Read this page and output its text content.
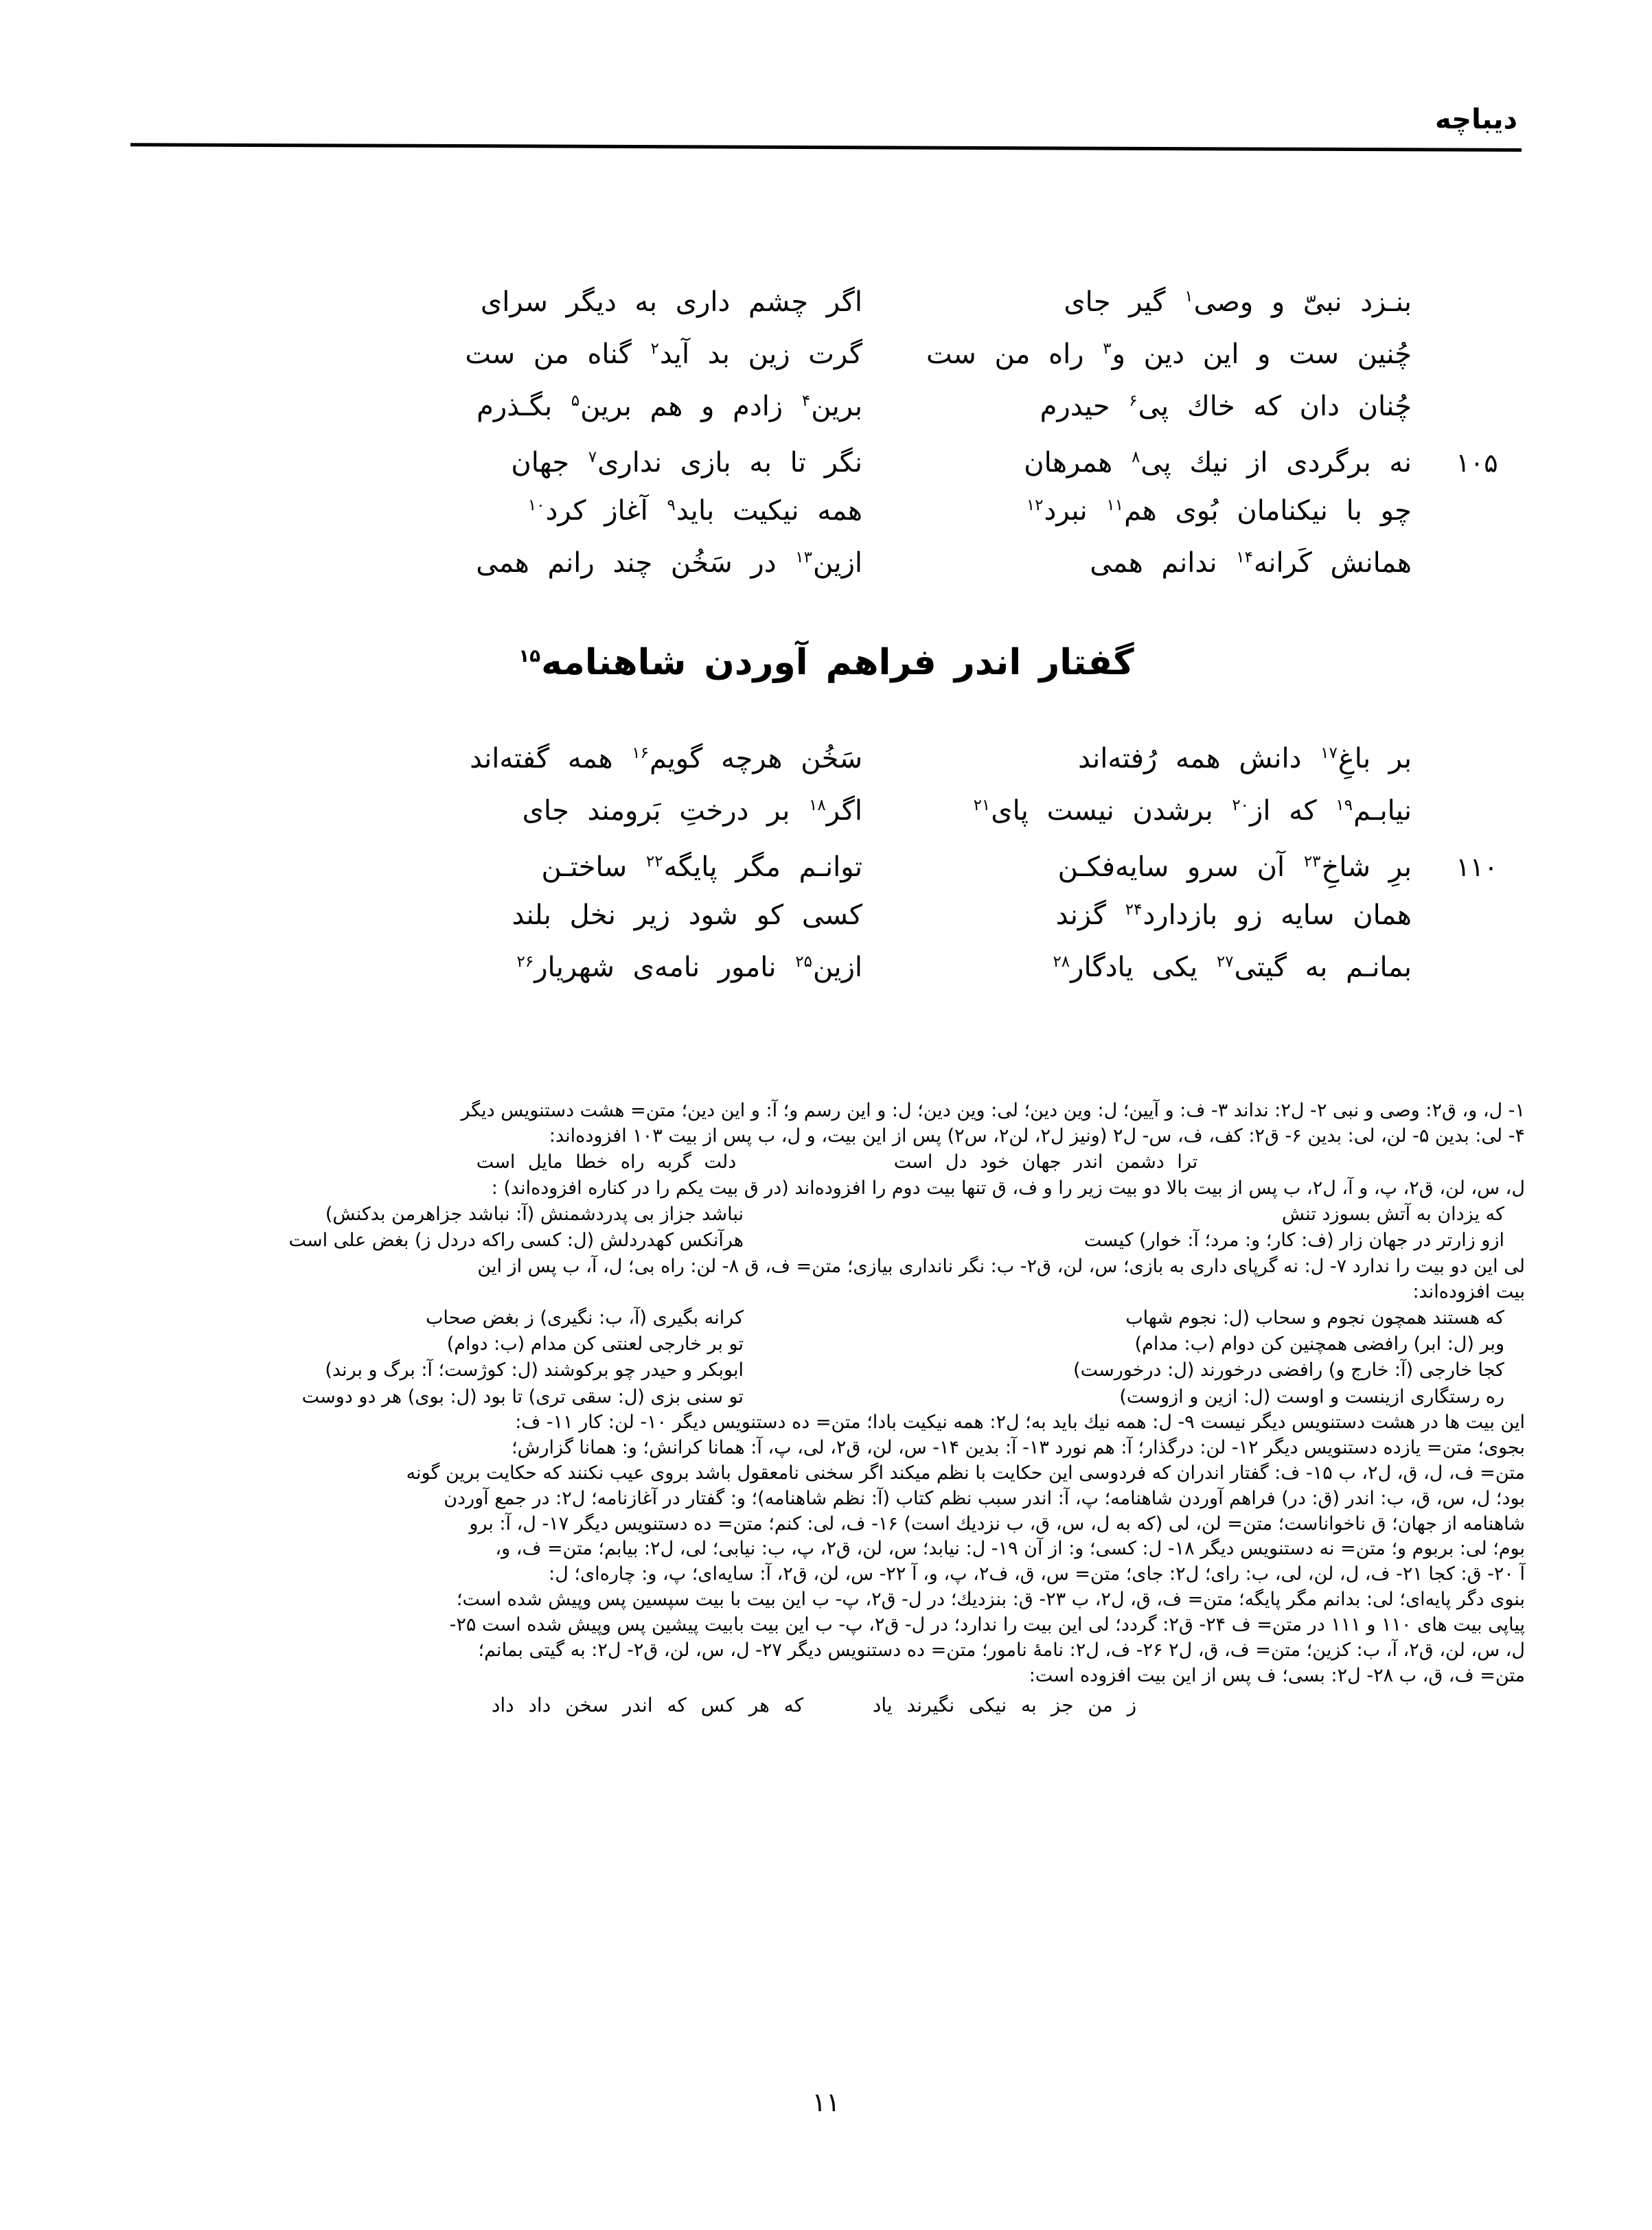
دیباچه
بنـزد نبیّ و وصی$^۱$ گیر جای
اگر چشم داری به دیگر سرای
چُنین ست و این دین و$^۳$ راه من ست
گرت زین بد آید$^۲$ گناه من ست
چُنان دان که خاك پی$^۶$ حیدرم
برین$^۴$ زادم و هم برین$^۵$ بگـذرم
۱۰۵
نه برگردی از نیك پی$^۸$ همرهان
نگر تا به بازی نداری$^۷$ جهان
چو با نیکنامان بُوی هم$^{۱۱}$ نبرد$^{۱۲}$
همه نیکیت باید$^۹$ آغاز کرد$^{۱۰}$
همانش کَرانه$^{۱۴}$ ندانم همی
ازین$^{۱۳}$ در سَخُن چند رانم همی
گفتار اندر فراهم آوردن شاهنامه$^{۱۵}$
بر باغِ$^{۱۷}$ دانش همه رُفته‌اند
سَخُن هرچه گویم$^{۱۶}$ همه گفته‌اند
نیابـم$^{۱۹}$ که از$^{۲۰}$ برشدن نیست پای$^{۲۱}$
اگر$^{۱۸}$ بر درختِ بَرومند جای
۱۱۰
برِ شاخِ$^{۲۳}$ آن سرو سایه‌فکـن
توانـم مگر پایگه$^{۲۲}$ ساختـن
همان سایه زو بازدارد$^{۲۴}$ گزند
کسی کو شود زیر نخل بلند
بمانـم به گیتی$^{۲۷}$ یکی یادگار$^{۲۸}$
ازین$^{۲۵}$ نامور نامه‌ی شهریار$^{۲۶}$
۱- ل، و، ق۲: وصی و نبی ۲- ل۲: نداند ۳- ف: و آیین؛ ل: وین دین؛ لی: وین دین؛ ل: و این رسم و؛ آ: و این دین؛ متن= هشت دستنویس دیگر
۴- لی: بدین ۵- لن، لی: بدین ۶- ق۲: کف، ف، س- ل۲ (ونیز ل۲، لن۲، س۲) پس از این بیت، و ل، ب پس از بیت ۱۰۳ افزوده‌اند:
ترا دشمن اندر جهان خود دل است
دلت گربه راه خطا مایل است
ل، س، لن، ق۲، پ، و آ، ل۲، ب پس از بیت بالا دو بیت زیر را و ف، ق تنها بیت دوم را افزوده‌اند (در ق بیت یکم را در کناره افزوده‌اند) :
که یزدان به آتش بسوزد تنش
نباشد جزاز بی پدردشمنش (آ: نباشد جزاهرمن بدکنش)
ازو زارتر در جهان زار (ف: کار؛ و: مرد؛ آ: خوار) کیست
هرآنکس کهدردلش (ل: کسی راکه دردل ز) بغض علی است
لی این دو بیت را ندارد ۷- ل: نه گرپای داری به بازی؛ س، لن، ق۲- ب: نگر نانداری بیازی؛ متن= ف، ق ۸- لن: راه بی؛ ل، آ، ب پس از این
بیت افزوده‌اند:
که هستند همچون نجوم و سحاب (ل: نجوم شهاب
کرانه بگیری (آ، ب: نگیری) ز بغض صحاب
وبر (ل: ابر) رافضی همچنین کن دوام (ب: مدام)
تو بر خارجی لعنتی کن مدام (ب: دوام)
کجا خارجی (آ: خارج و) رافضی درخورند (ل: درخورست)
ابوبکر و حیدر چو برکوشند (ل: کوژست؛ آ: برگ و برند)
ره رستگاری ازینست و اوست (ل: ازین و ازوست)
تو سنی بزی (ل: سقی تری) تا بود (ل: بوی) هر دو دوست
این بیت ها در هشت دستنویس دیگر نیست ۹- ل: همه نیك باید به؛ ل۲: همه نیکیت بادا؛ متن= ده دستنویس دیگر ۱۰- لن: کار ۱۱- ف:
بجوی؛ متن= یازده دستنویس دیگر ۱۲- لن: درگذار؛ آ: هم نورد ۱۳- آ: بدین ۱۴- س، لن، ق۲، لی، پ، آ: همانا کرانش؛ و: همانا گزارش؛
متن= ف، ل، ق، ل۲، ب ۱۵- ف: گفتار اندران که فردوسی این حکایت با نظم میکند اگر سخنی نامعقول باشد بروی عیب نکنند که حکایت برین گونه
بود؛ ل، س، ق، ب: اندر (ق: در) فراهم آوردن شاهنامه؛ پ، آ: اندر سبب نظم کتاب (آ: نظم شاهنامه)؛ و: گفتار در آغازنامه؛ ل۲: در جمع آوردن
شاهنامه از جهان؛ ق ناخواناست؛ متن= لن، لی (که به ل، س، ق، ب نزدیك است) ۱۶- ف، لی: کنم؛ متن= ده دستنویس دیگر ۱۷- ل، آ: برو
بوم؛ لی: بربوم و؛ متن= نه دستنویس دیگر ۱۸- ل: کسی؛ و: از آن ۱۹- ل: نیابد؛ س، لن، ق۲، پ، ب: نیابی؛ لی، ل۲: بیابم؛ متن= ف، و،
آ ۲۰- ق: کجا ۲۱- ف، ل، لن، لی، ب: رای؛ ل۲: جای؛ متن= س، ق، ف۲، پ، و، آ ۲۲- س، لن، ق۲، آ: سایه‌ای؛ پ، و: چاره‌ای؛ ل:
بنوی دگر پایه‌ای؛ لی: بدانم مگر پایگه؛ متن= ف، ق، ل۲، ب ۲۳- ق: بنزدیك؛ در ل- ق۲، پ- ب این بیت با بیت سپسین پس وپیش شده است؛
پیاپی بیت های ۱۱۰ و ۱۱۱ در متن= ف ۲۴- ق۲: گردد؛ لی این بیت را ندارد؛ در ل- ق۲، پ- ب این بیت بابیت پیشین پس وپیش شده است ۲۵-
ل، س، لن، ق۲، آ، ب: کزین؛ متن= ف، ق، ل۲ ۲۶- ف، ل۲: نامهٔ نامور؛ متن= ده دستنویس دیگر ۲۷- ل، س، لن، ق۲- ل۲: به گیتی بمانم؛
متن= ف، ق، ب ۲۸- ل۲: بسی؛ ف پس از این بیت افزوده است:
ز من جز به نیکی نگیرند یاد
که هر کس که اندر سخن داد داد
۱۱
